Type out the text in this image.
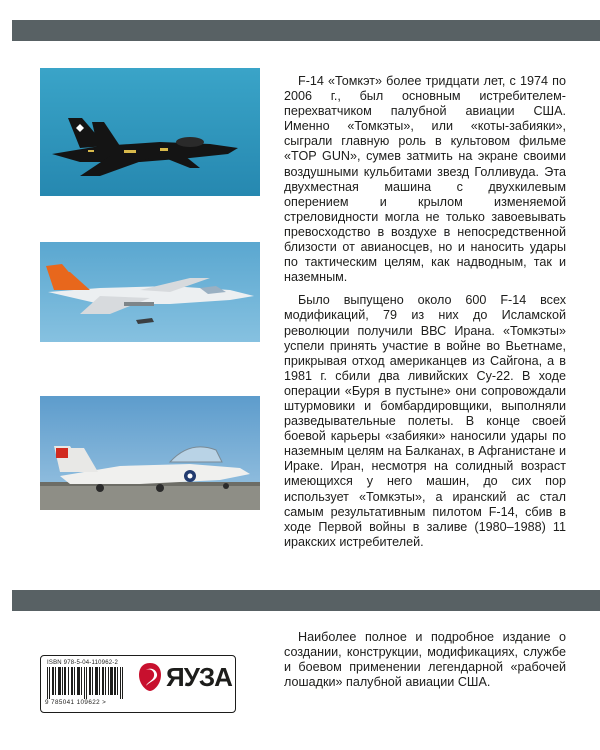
F-14 «Томкэт» более тридцати лет, с 1974 по 2006 г., был основным истребителем-перехватчиком палубной авиации США. Именно «Томкэты», или «коты-забияки», сыграли главную роль в культовом фильме «TOP GUN», сумев затмить на экране своими воздушными кульбитами звезд Голливуда. Эта двухместная машина с двухкилевым оперением и крылом изменяемой стреловидности могла не только завоевывать превосходство в воздухе в непосредственной близости от авианосцев, но и наносить удары по тактическим целям, как надводным, так и наземным.

Было выпущено около 600 F-14 всех модификаций, 79 из них до Исламской революции получили ВВС Ирана. «Томкэты» успели принять участие в войне во Вьетнаме, прикрывая отход американцев из Сайгона, а в 1981 г. сбили два ливийских Су-22. В ходе операции «Буря в пустыне» они сопровождали штурмовики и бомбардировщики, выполняли разведывательные полеты. В конце своей боевой карьеры «забияки» наносили удары по наземным целям на Балканах, в Афганистане и Ираке. Иран, несмотря на солидный возраст имеющихся у него машин, до сих пор использует «Томкэты», а иранский ас стал самым результативным пилотом F-14, сбив в ходе Первой войны в заливе (1980–1988) 11 иракских истребителей.

Наиболее полное и подробное издание о создании, конструкции, модификациях, службе и боевом применении легендарной «рабочей лошадки» палубной авиации США.

ISBN 978-5-04-110962-2
9 785041 109622 >
ЯУЗА
